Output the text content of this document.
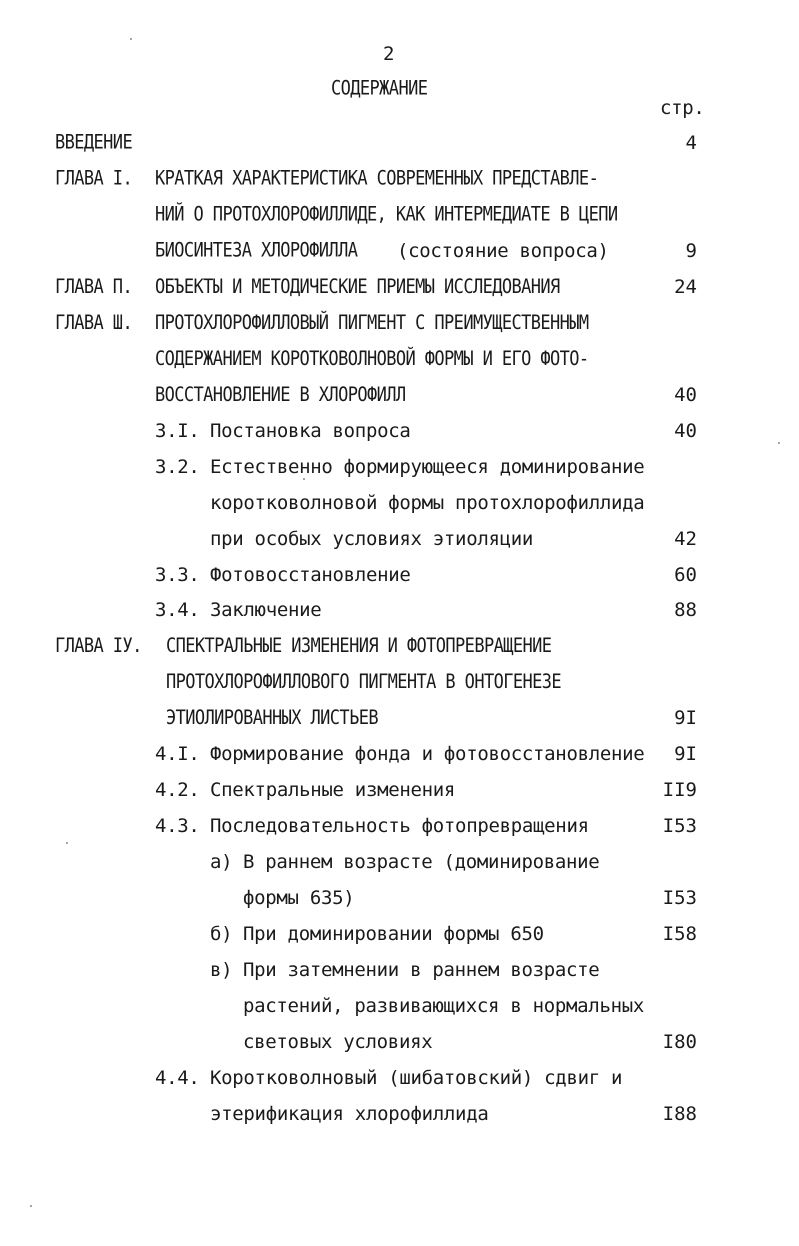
2
СОДЕРЖАНИЕ
стр.
ВВЕДЕНИЕ	4
ГЛАВА I. КРАТКАЯ ХАРАКТЕРИСТИКА СОВРЕМЕННЫХ ПРЕДСТАВЛЕ-
НИЙ О ПРОТОХЛОРОФИЛЛИДЕ, КАК ИНТЕРМЕДИАТЕ В ЦЕПИ
БИОСИНТЕЗА ХЛОРОФИЛЛА (состояние вопроса)	9
ГЛАВА П. ОБЪЕКТЫ И МЕТОДИЧЕСКИЕ ПРИЕМЫ ИССЛЕДОВАНИЯ	24
ГЛАВА Ш. ПРОТОХЛОРОФИЛЛОВЫЙ ПИГМЕНТ С ПРЕИМУЩЕСТВЕННЫМ
СОДЕРЖАНИЕМ КОРОТКОВОЛНОВОЙ ФОРМЫ И ЕГО ФОТО-
ВОССТАНОВЛЕНИЕ В ХЛОРОФИЛЛ	40
3.I. Постановка вопроса	40
3.2. Естественно формирующееся доминирование
коротковолновой формы протохлорофиллида
при особых условиях этиоляции	42
3.3. Фотовосстановление	60
3.4. Заключение	88
ГЛАВА IУ. СПЕКТРАЛЬНЫЕ ИЗМЕНЕНИЯ И ФОТОПРЕВРАЩЕНИЕ
ПРОТОХЛОРОФИЛЛОВОГО ПИГМЕНТА В ОНТОГЕНЕЗЕ
ЭТИОЛИРОВАННЫХ ЛИСТЬЕВ	9I
4.I. Формирование фонда и фотовосстановление	9I
4.2. Спектральные изменения	II9
4.3. Последовательность фотопревращения	I53
а) В раннем возрасте (доминирование
формы 635)	I53
б) При доминировании формы 650	I58
в) При затемнении в раннем возрасте
растений, развивающихся в нормальных
световых условиях	I80
4.4. Коротковолновый (шибатовский) сдвиг и
этерификация хлорофиллида	I88
